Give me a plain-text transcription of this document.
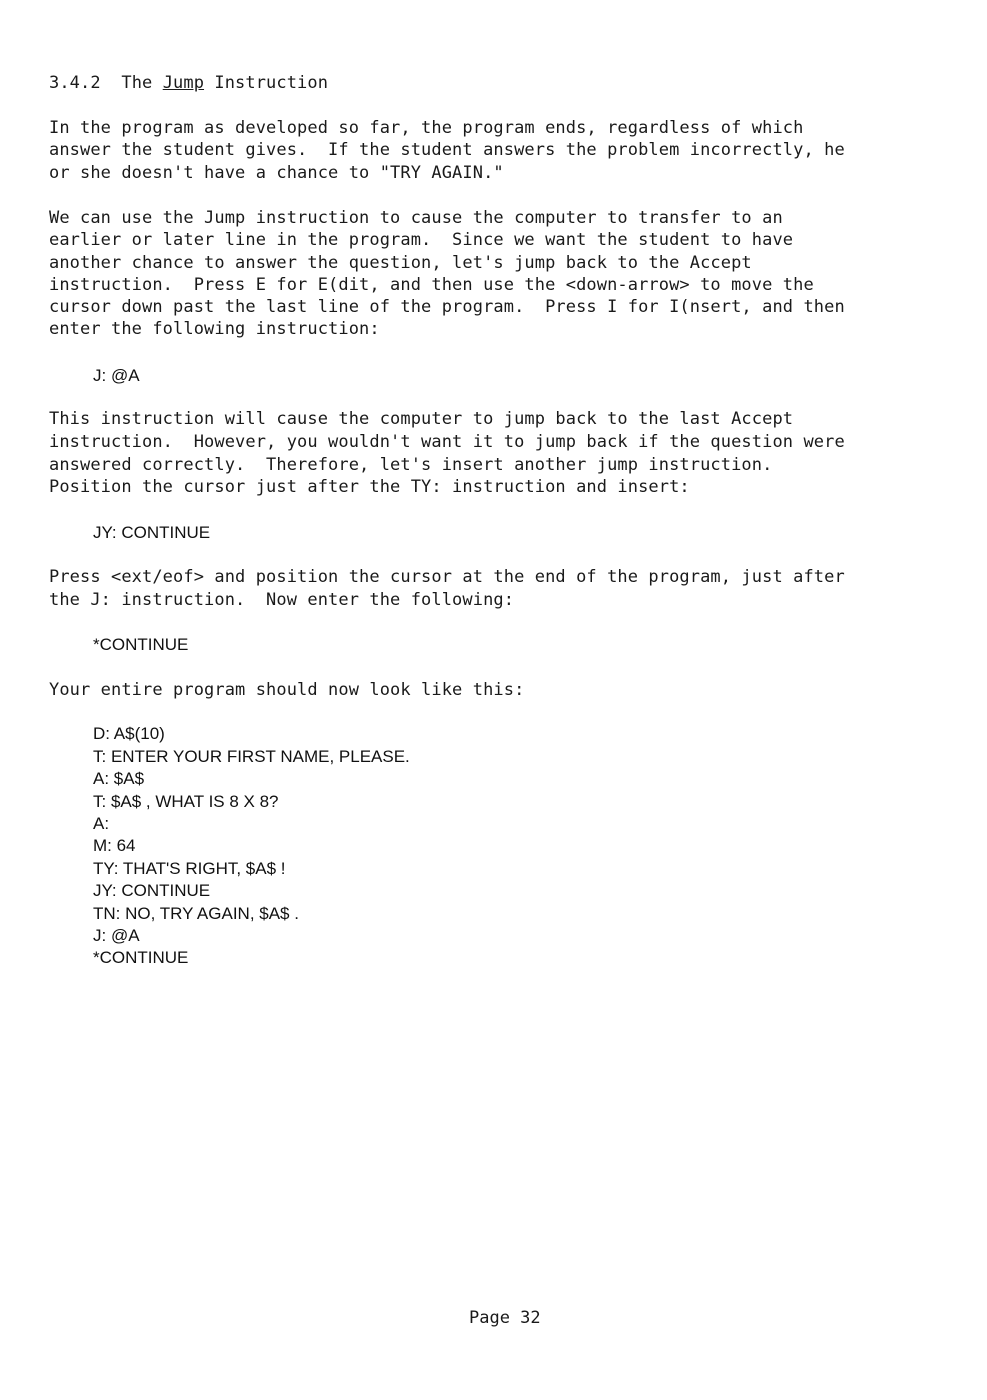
3.4.2 The Jump Instruction
In the program as developed so far, the program ends, regardless of which
answer the student gives.  If the student answers the problem incorrectly, he
or she doesn't have a chance to "TRY AGAIN."
We can use the Jump instruction to cause the computer to transfer to an
earlier or later line in the program.  Since we want the student to have
another chance to answer the question, let's jump back to the Accept
instruction.  Press E for E(dit, and then use the <down-arrow> to move the
cursor down past the last line of the program.  Press I for I(nsert, and then
enter the following instruction:
J: @A
This instruction will cause the computer to jump back to the last Accept
instruction.  However, you wouldn't want it to jump back if the question were
answered correctly.  Therefore, let's insert another jump instruction.
Position the cursor just after the TY: instruction and insert:
JY: CONTINUE
Press <ext/eof> and position the cursor at the end of the program, just after
the J: instruction.  Now enter the following:
*CONTINUE
Your entire program should now look like this:
D: A$(10)
T: ENTER YOUR FIRST NAME, PLEASE.
A: $A$
T: $A$ , WHAT IS 8 X 8?
A:
M: 64
TY: THAT'S RIGHT, $A$ !
JY: CONTINUE
TN: NO, TRY AGAIN, $A$ .
J: @A
*CONTINUE
Page 32
